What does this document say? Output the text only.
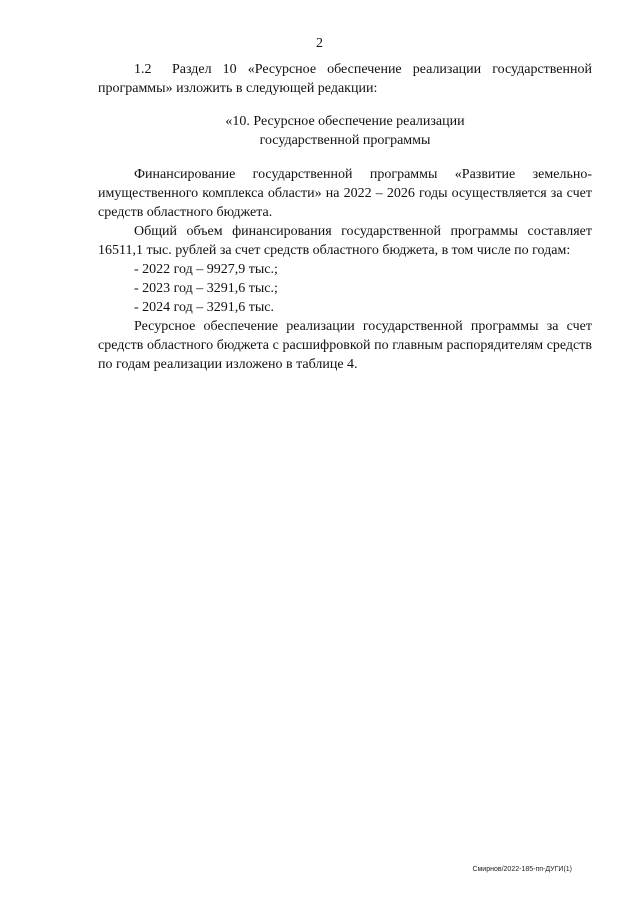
2
1.2 Раздел 10 «Ресурсное обеспечение реализации государственной программы» изложить в следующей редакции:
«10. Ресурсное обеспечение реализации
государственной программы

Финансирование государственной программы «Развитие земельно-имущественного комплекса области» на 2022 – 2026 годы осуществляется за счет средств областного бюджета.

Общий объем финансирования государственной программы составляет 16511,1 тыс. рублей за счет средств областного бюджета, в том числе по годам:

- 2022 год – 9927,9 тыс.;
- 2023 год – 3291,6 тыс.;
- 2024 год – 3291,6 тыс.

Ресурсное обеспечение реализации государственной программы за счет средств областного бюджета с расшифровкой по главным распорядителям средств по годам реализации изложено в таблице 4.

Смирнов/2022-185-пп-ДУГИ(1)
